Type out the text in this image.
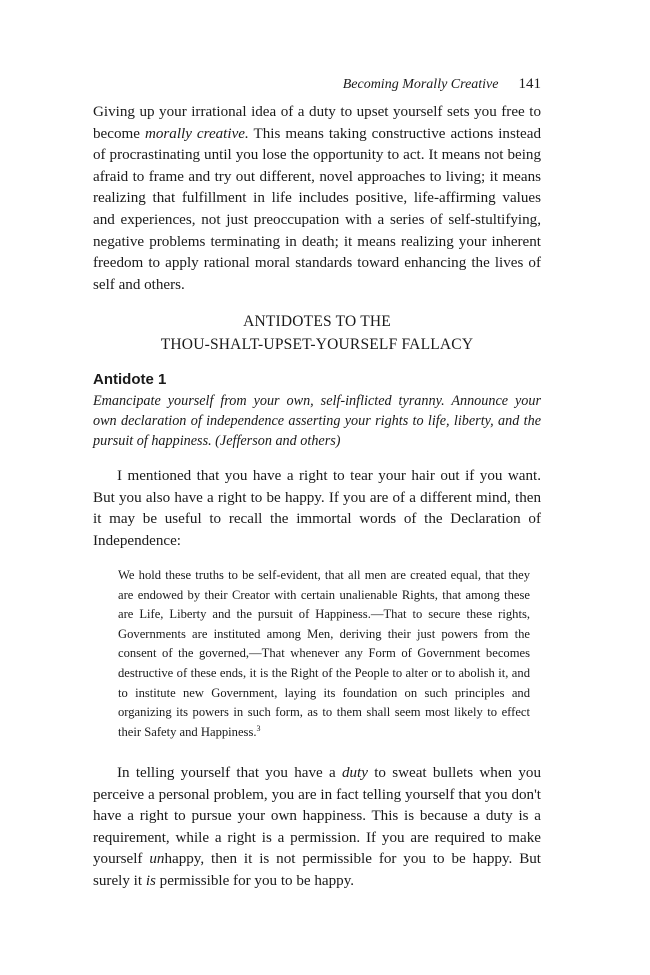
Becoming Morally Creative 141

Giving up your irrational idea of a duty to upset yourself sets you free to become morally creative. This means taking constructive actions instead of procrastinating until you lose the opportunity to act. It means not being afraid to frame and try out different, novel approaches to living; it means realizing that fulfillment in life includes positive, life-affirming values and experiences, not just preoccupation with a series of self-stultifying, negative problems terminating in death; it means realizing your inherent freedom to apply rational moral standards toward enhancing the lives of self and others.

ANTIDOTES TO THE
THOU-SHALT-UPSET-YOURSELF FALLACY
Antidote 1

Emancipate yourself from your own, self-inflicted tyranny. Announce your own declaration of independence asserting your rights to life, liberty, and the pursuit of happiness. (Jefferson and others)

I mentioned that you have a right to tear your hair out if you want. But you also have a right to be happy. If you are of a different mind, then it may be useful to recall the immortal words of the Declaration of Independence:

We hold these truths to be self-evident, that all men are created equal, that they are endowed by their Creator with certain unalienable Rights, that among these are Life, Liberty and the pursuit of Happiness.—That to secure these rights, Governments are instituted among Men, deriving their just powers from the consent of the governed,—That whenever any Form of Government becomes destructive of these ends, it is the Right of the People to alter or to abolish it, and to institute new Government, laying its foundation on such principles and organizing its powers in such form, as to them shall seem most likely to effect their Safety and Happiness.$^3$

In telling yourself that you have a duty to sweat bullets when you perceive a personal problem, you are in fact telling yourself that you don't have a right to pursue your own happiness. This is because a duty is a requirement, while a right is a permission. If you are required to make yourself unhappy, then it is not permissible for you to be happy. But surely it is permissible for you to be happy.
